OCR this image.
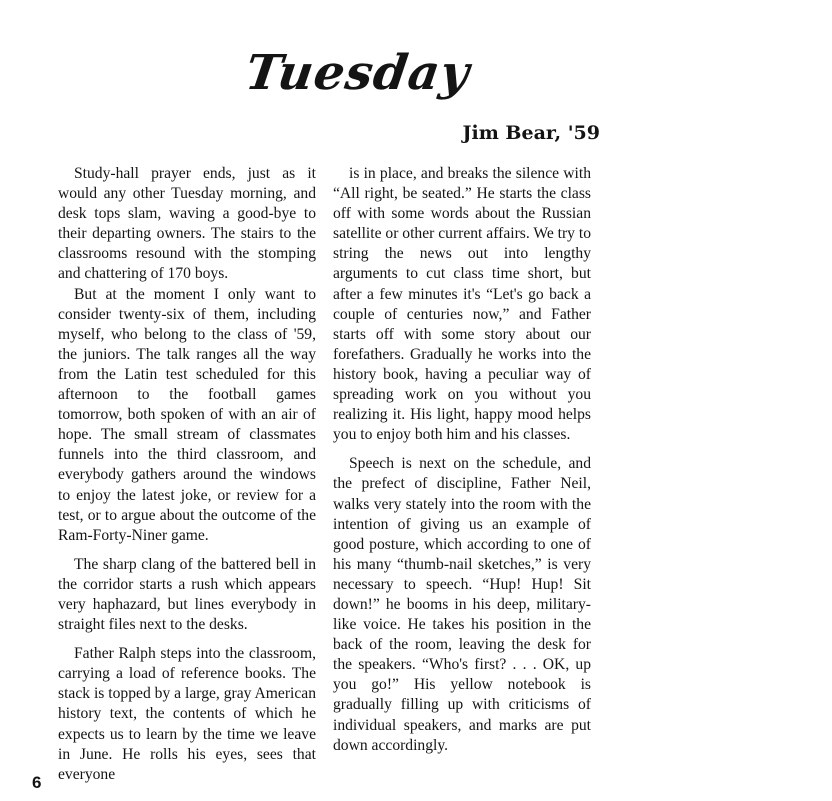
Tuesday
Jim Bear, '59

Study-hall prayer ends, just as it would any other Tuesday morning, and desk tops slam, waving a good-bye to their departing owners. The stairs to the classrooms resound with the stomping and chattering of 170 boys.

But at the moment I only want to consider twenty-six of them, including myself, who belong to the class of '59, the juniors. The talk ranges all the way from the Latin test scheduled for this afternoon to the football games tomorrow, both spoken of with an air of hope. The small stream of classmates funnels into the third classroom, and everybody gathers around the windows to enjoy the latest joke, or review for a test, or to argue about the outcome of the Ram-Forty-Niner game.

The sharp clang of the battered bell in the corridor starts a rush which appears very haphazard, but lines everybody in straight files next to the desks.

Father Ralph steps into the classroom, carrying a load of reference books. The stack is topped by a large, gray American history text, the contents of which he expects us to learn by the time we leave in June. He rolls his eyes, sees that everyone

is in place, and breaks the silence with “All right, be seated.” He starts the class off with some words about the Russian satellite or other current affairs. We try to string the news out into lengthy arguments to cut class time short, but after a few minutes it's “Let's go back a couple of centuries now,” and Father starts off with some story about our forefathers. Gradually he works into the history book, having a peculiar way of spreading work on you without you realizing it. His light, happy mood helps you to enjoy both him and his classes.

Speech is next on the schedule, and the prefect of discipline, Father Neil, walks very stately into the room with the intention of giving us an example of good posture, which according to one of his many “thumb-nail sketches,” is very necessary to speech. “Hup! Hup! Sit down!” he booms in his deep, military-like voice. He takes his position in the back of the room, leaving the desk for the speakers. “Who's first? . . . OK, up you go!” His yellow notebook is gradually filling up with criticisms of individual speakers, and marks are put down accordingly.

6
